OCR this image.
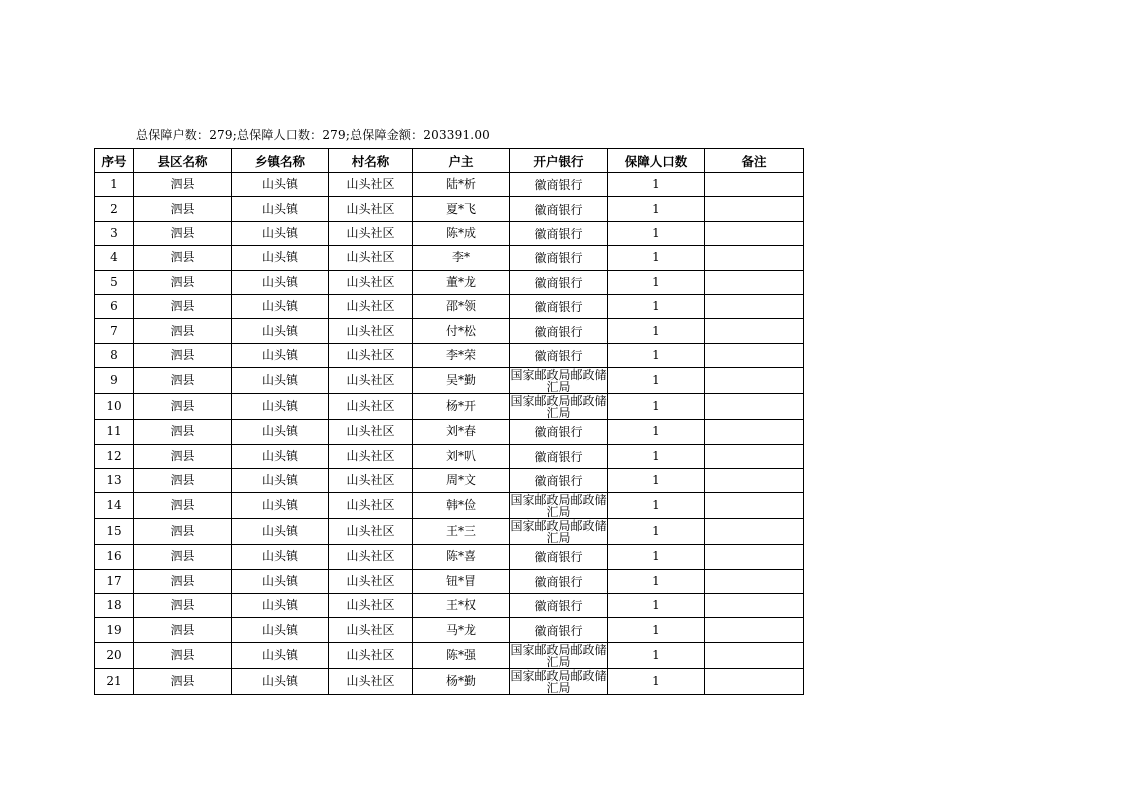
总保障户数：279;总保障人口数：279;总保障金额：203391.00
序号	县区名称	乡镇名称	村名称	户主	开户银行	保障人口数	备注
1	泗县	山头镇	山头社区	陆*析	徽商银行	1	
2	泗县	山头镇	山头社区	夏*飞	徽商银行	1	
3	泗县	山头镇	山头社区	陈*成	徽商银行	1	
4	泗县	山头镇	山头社区	李*	徽商银行	1	
5	泗县	山头镇	山头社区	董*龙	徽商银行	1	
6	泗县	山头镇	山头社区	邵*领	徽商银行	1	
7	泗县	山头镇	山头社区	付*松	徽商银行	1	
8	泗县	山头镇	山头社区	李*荣	徽商银行	1	
9	泗县	山头镇	山头社区	吴*勤	国家邮政局邮政储汇局	1	
10	泗县	山头镇	山头社区	杨*开	国家邮政局邮政储汇局	1	
11	泗县	山头镇	山头社区	刘*春	徽商银行	1	
12	泗县	山头镇	山头社区	刘*叭	徽商银行	1	
13	泗县	山头镇	山头社区	周*文	徽商银行	1	
14	泗县	山头镇	山头社区	韩*俭	国家邮政局邮政储汇局	1	
15	泗县	山头镇	山头社区	王*三	国家邮政局邮政储汇局	1	
16	泗县	山头镇	山头社区	陈*喜	徽商银行	1	
17	泗县	山头镇	山头社区	钮*冒	徽商银行	1	
18	泗县	山头镇	山头社区	王*权	徽商银行	1	
19	泗县	山头镇	山头社区	马*龙	徽商银行	1	
20	泗县	山头镇	山头社区	陈*强	国家邮政局邮政储汇局	1	
21	泗县	山头镇	山头社区	杨*勤	国家邮政局邮政储汇局	1	
